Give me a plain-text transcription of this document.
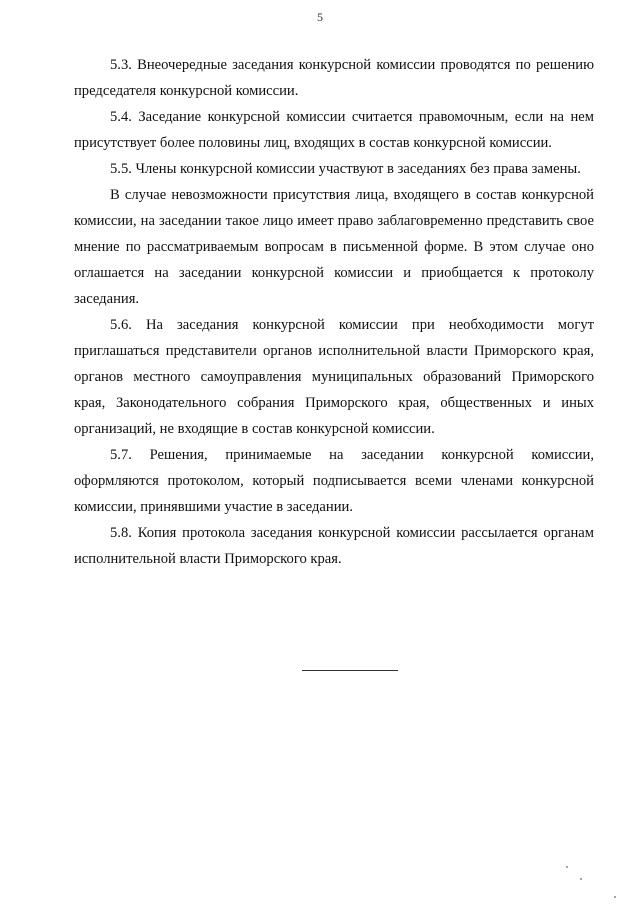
5

5.3. Внеочередные заседания конкурсной комиссии проводятся по решению председателя конкурсной комиссии.

5.4. Заседание конкурсной комиссии считается правомочным, если на нем присутствует более половины лиц, входящих в состав конкурсной комиссии.

5.5. Члены конкурсной комиссии участвуют в заседаниях без права замены.

В случае невозможности присутствия лица, входящего в состав конкурсной комиссии, на заседании такое лицо имеет право заблаговременно представить свое мнение по рассматриваемым вопросам в письменной форме. В этом случае оно оглашается на заседании конкурсной комиссии и приобщается к протоколу заседания.

5.6. На заседания конкурсной комиссии при необходимости могут приглашаться представители органов исполнительной власти Приморского края, органов местного самоуправления муниципальных образований Приморского края, Законодательного собрания Приморского края, общественных и иных организаций, не входящие в состав конкурсной комиссии.

5.7. Решения, принимаемые на заседании конкурсной комиссии, оформляются протоколом, который подписывается всеми членами конкурсной комиссии, принявшими участие в заседании.

5.8. Копия протокола заседания конкурсной комиссии рассылается органам исполнительной власти Приморского края.
